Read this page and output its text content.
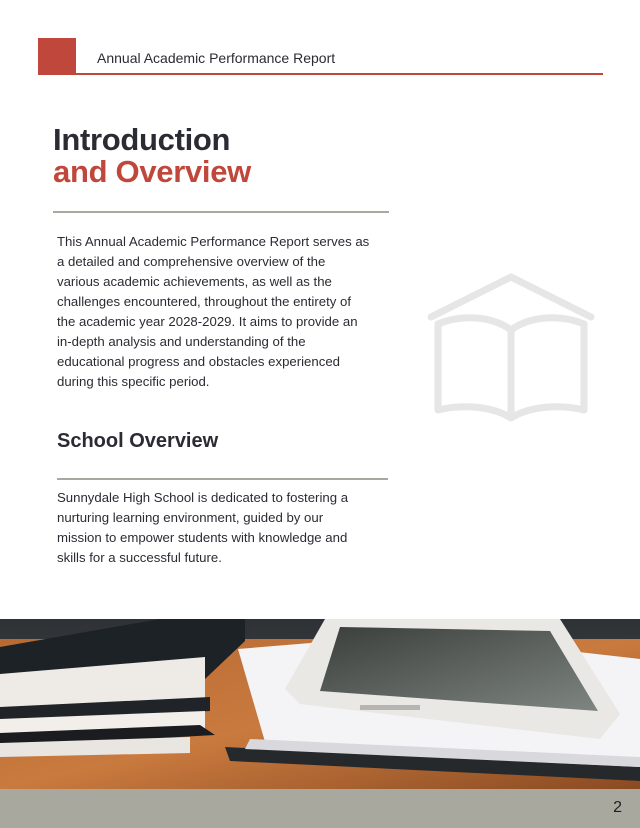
Annual Academic Performance Report
Introduction
and Overview
This Annual Academic Performance Report serves as
a detailed and comprehensive overview of the
various academic achievements, as well as the
challenges encountered, throughout the entirety of
the academic year 2028-2029. It aims to provide an
in-depth analysis and understanding of the
educational progress and obstacles experienced
during this specific period.
School Overview
Sunnydale High School is dedicated to fostering a
nurturing learning environment, guided by our
mission to empower students with knowledge and
skills for a successful future.
2
